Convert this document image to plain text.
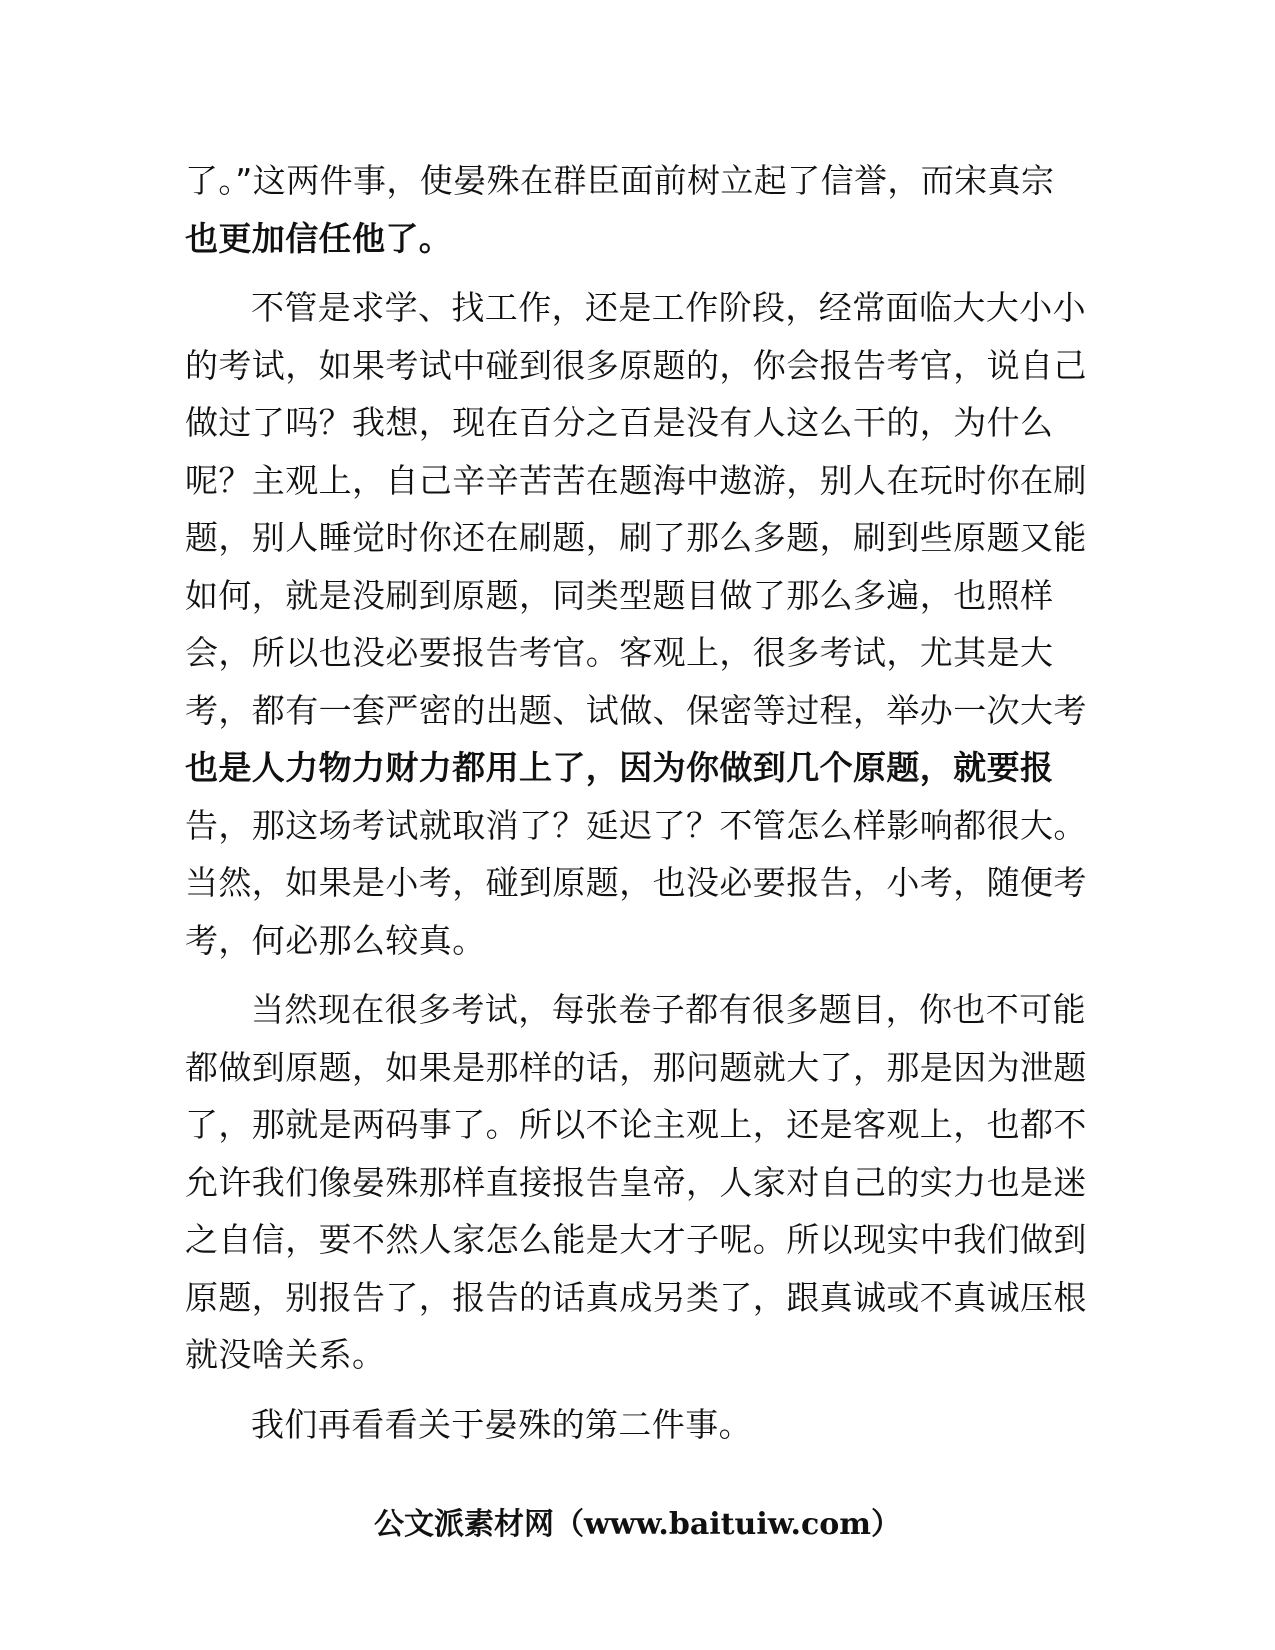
了。”这两件事，使晏殊在群臣面前树立起了信誉，而宋真宗
也更加信任他了。
不管是求学、找工作，还是工作阶段，经常面临大大小小
的考试，如果考试中碰到很多原题的，你会报告考官，说自己
做过了吗？我想，现在百分之百是没有人这么干的，为什么
呢？主观上，自己辛辛苦苦在题海中遨游，别人在玩时你在刷
题，别人睡觉时你还在刷题，刷了那么多题，刷到些原题又能
如何，就是没刷到原题，同类型题目做了那么多遍，也照样
会，所以也没必要报告考官。客观上，很多考试，尤其是大
考，都有一套严密的出题、试做、保密等过程，举办一次大考
也是人力物力财力都用上了，因为你做到几个原题，就要报
告，那这场考试就取消了？延迟了？不管怎么样影响都很大。
当然，如果是小考，碰到原题，也没必要报告，小考，随便考
考，何必那么较真。
当然现在很多考试，每张卷子都有很多题目，你也不可能
都做到原题，如果是那样的话，那问题就大了，那是因为泄题
了，那就是两码事了。所以不论主观上，还是客观上，也都不
允许我们像晏殊那样直接报告皇帝，人家对自己的实力也是迷
之自信，要不然人家怎么能是大才子呢。所以现实中我们做到
原题，别报告了，报告的话真成另类了，跟真诚或不真诚压根
就没啥关系。
我们再看看关于晏殊的第二件事。
公文派素材网（www.baituiw.com）
